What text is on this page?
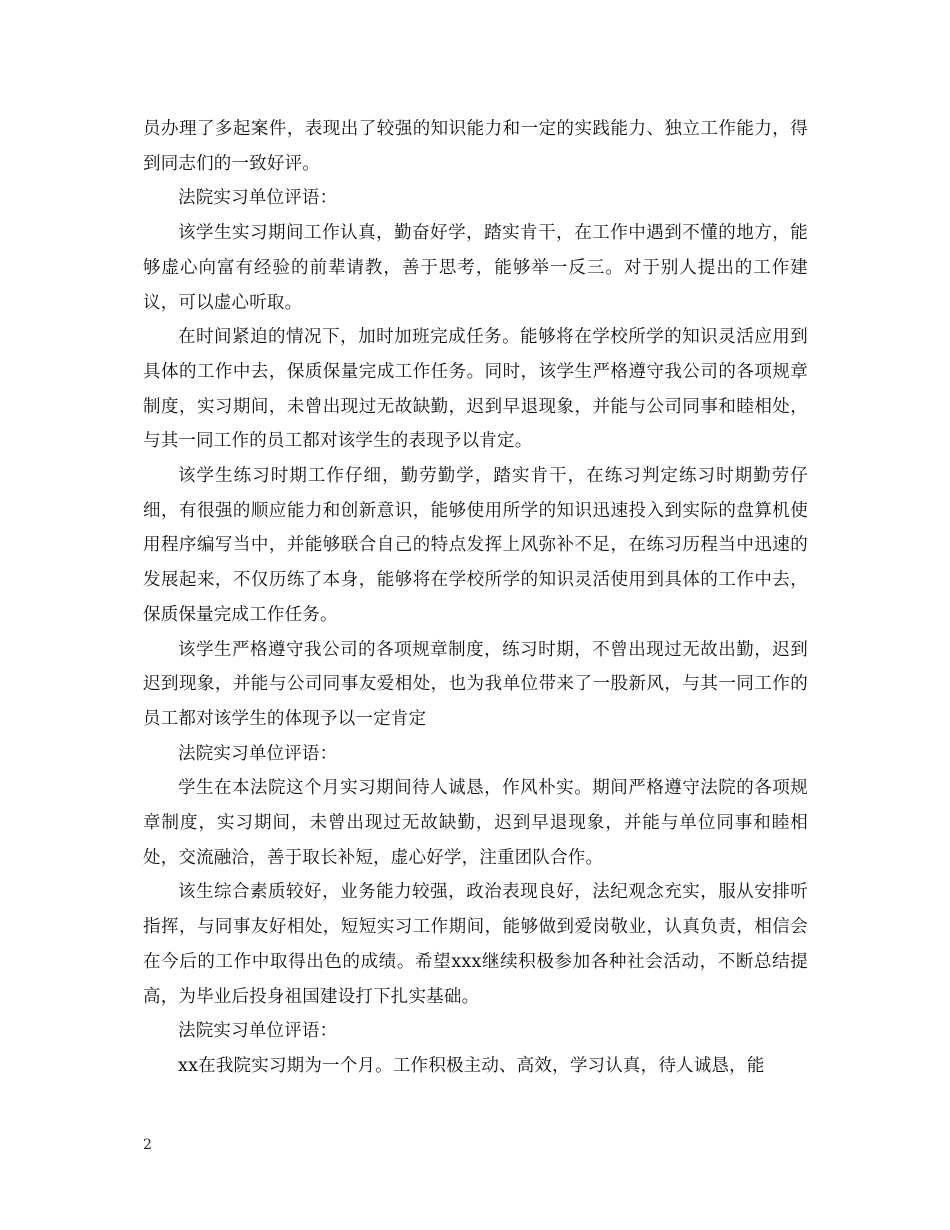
员办理了多起案件，表现出了较强的知识能力和一定的实践能力、独立工作能力，得到同志们的一致好评。

法院实习单位评语：

该学生实习期间工作认真，勤奋好学，踏实肯干，在工作中遇到不懂的地方，能够虚心向富有经验的前辈请教，善于思考，能够举一反三。对于别人提出的工作建议，可以虚心听取。

在时间紧迫的情况下，加时加班完成任务。能够将在学校所学的知识灵活应用到具体的工作中去，保质保量完成工作任务。同时，该学生严格遵守我公司的各项规章制度，实习期间，未曾出现过无故缺勤，迟到早退现象，并能与公司同事和睦相处，与其一同工作的员工都对该学生的表现予以肯定。

该学生练习时期工作仔细，勤劳勤学，踏实肯干，在练习判定练习时期勤劳仔细，有很强的顺应能力和创新意识，能够使用所学的知识迅速投入到实际的盘算机使用程序编写当中，并能够联合自己的特点发挥上风弥补不足，在练习历程当中迅速的发展起来，不仅历练了本身，能够将在学校所学的知识灵活使用到具体的工作中去，保质保量完成工作任务。

该学生严格遵守我公司的各项规章制度，练习时期，不曾出现过无故出勤，迟到迟到现象，并能与公司同事友爱相处，也为我单位带来了一股新风，与其一同工作的员工都对该学生的体现予以一定肯定

法院实习单位评语：

学生在本法院这个月实习期间待人诚恳，作风朴实。期间严格遵守法院的各项规章制度，实习期间，未曾出现过无故缺勤，迟到早退现象，并能与单位同事和睦相处，交流融洽，善于取长补短，虚心好学，注重团队合作。

该生综合素质较好，业务能力较强，政治表现良好，法纪观念充实，服从安排听指挥，与同事友好相处，短短实习工作期间，能够做到爱岗敬业，认真负责，相信会在今后的工作中取得出色的成绩。希望xxx继续积极参加各种社会活动，不断总结提高，为毕业后投身祖国建设打下扎实基础。

法院实习单位评语：

xx在我院实习期为一个月。工作积极主动、高效，学习认真，待人诚恳，能

2
